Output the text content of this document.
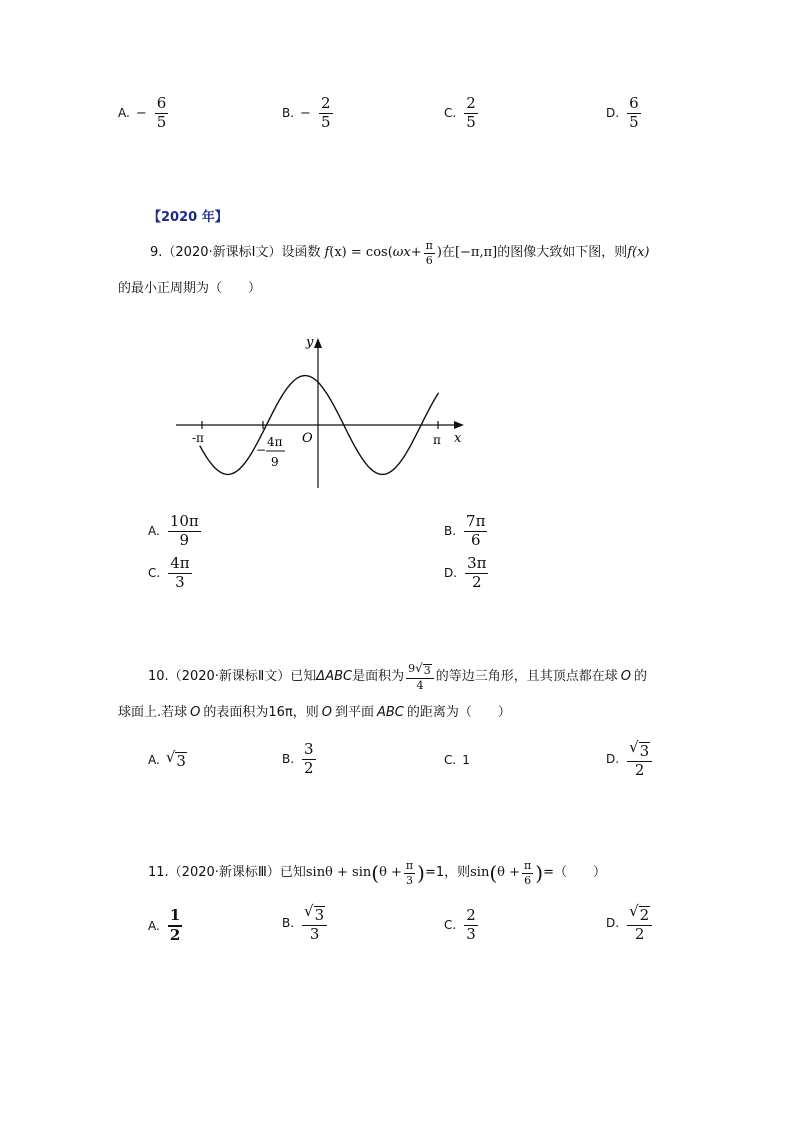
A. − $\frac{6}{5}$	B. − $\frac{2}{5}$	C. $\frac{2}{5}$	D. $\frac{6}{5}$
【2020 年】
9.（2020·新课标Ⅰ文）设函数 f (x) = cos( $\omega x + \frac{\pi}{6}$ ) 在 [−π,π] 的图像大致如下图，则 f(x)
的最小正周期为（　　）
y
x
O
-π	π
−
4π
9
A. $\frac{10\pi}{9}$	B. $\frac{7\pi}{6}$
C. $\frac{4\pi}{3}$	D. $\frac{3\pi}{2}$
10.（2020·新课标Ⅱ文）已知 ΔABC 是面积为 $\frac{9 √ 3}{4}$ 的等边三角形，且其顶点都在球 O 的
球面上.若球 O 的表面积为16π，则 O 到平面 ABC 的距离为（　　）
A. √ 3	B. $\frac{3}{2}$	C. 1	D. $\frac{√ 3}{2}$
11.（2020·新课标Ⅲ）已知 sinθ + sin ( $\theta + \frac{\pi}{3}$ ) =1，则 sin ( $\theta + \frac{\pi}{6}$ ) =（　　）
A. $\frac{1}{2}$	B. $\frac{√ 3}{3}$	C. $\frac{2}{3}$	D. $\frac{√ 2}{2}$
